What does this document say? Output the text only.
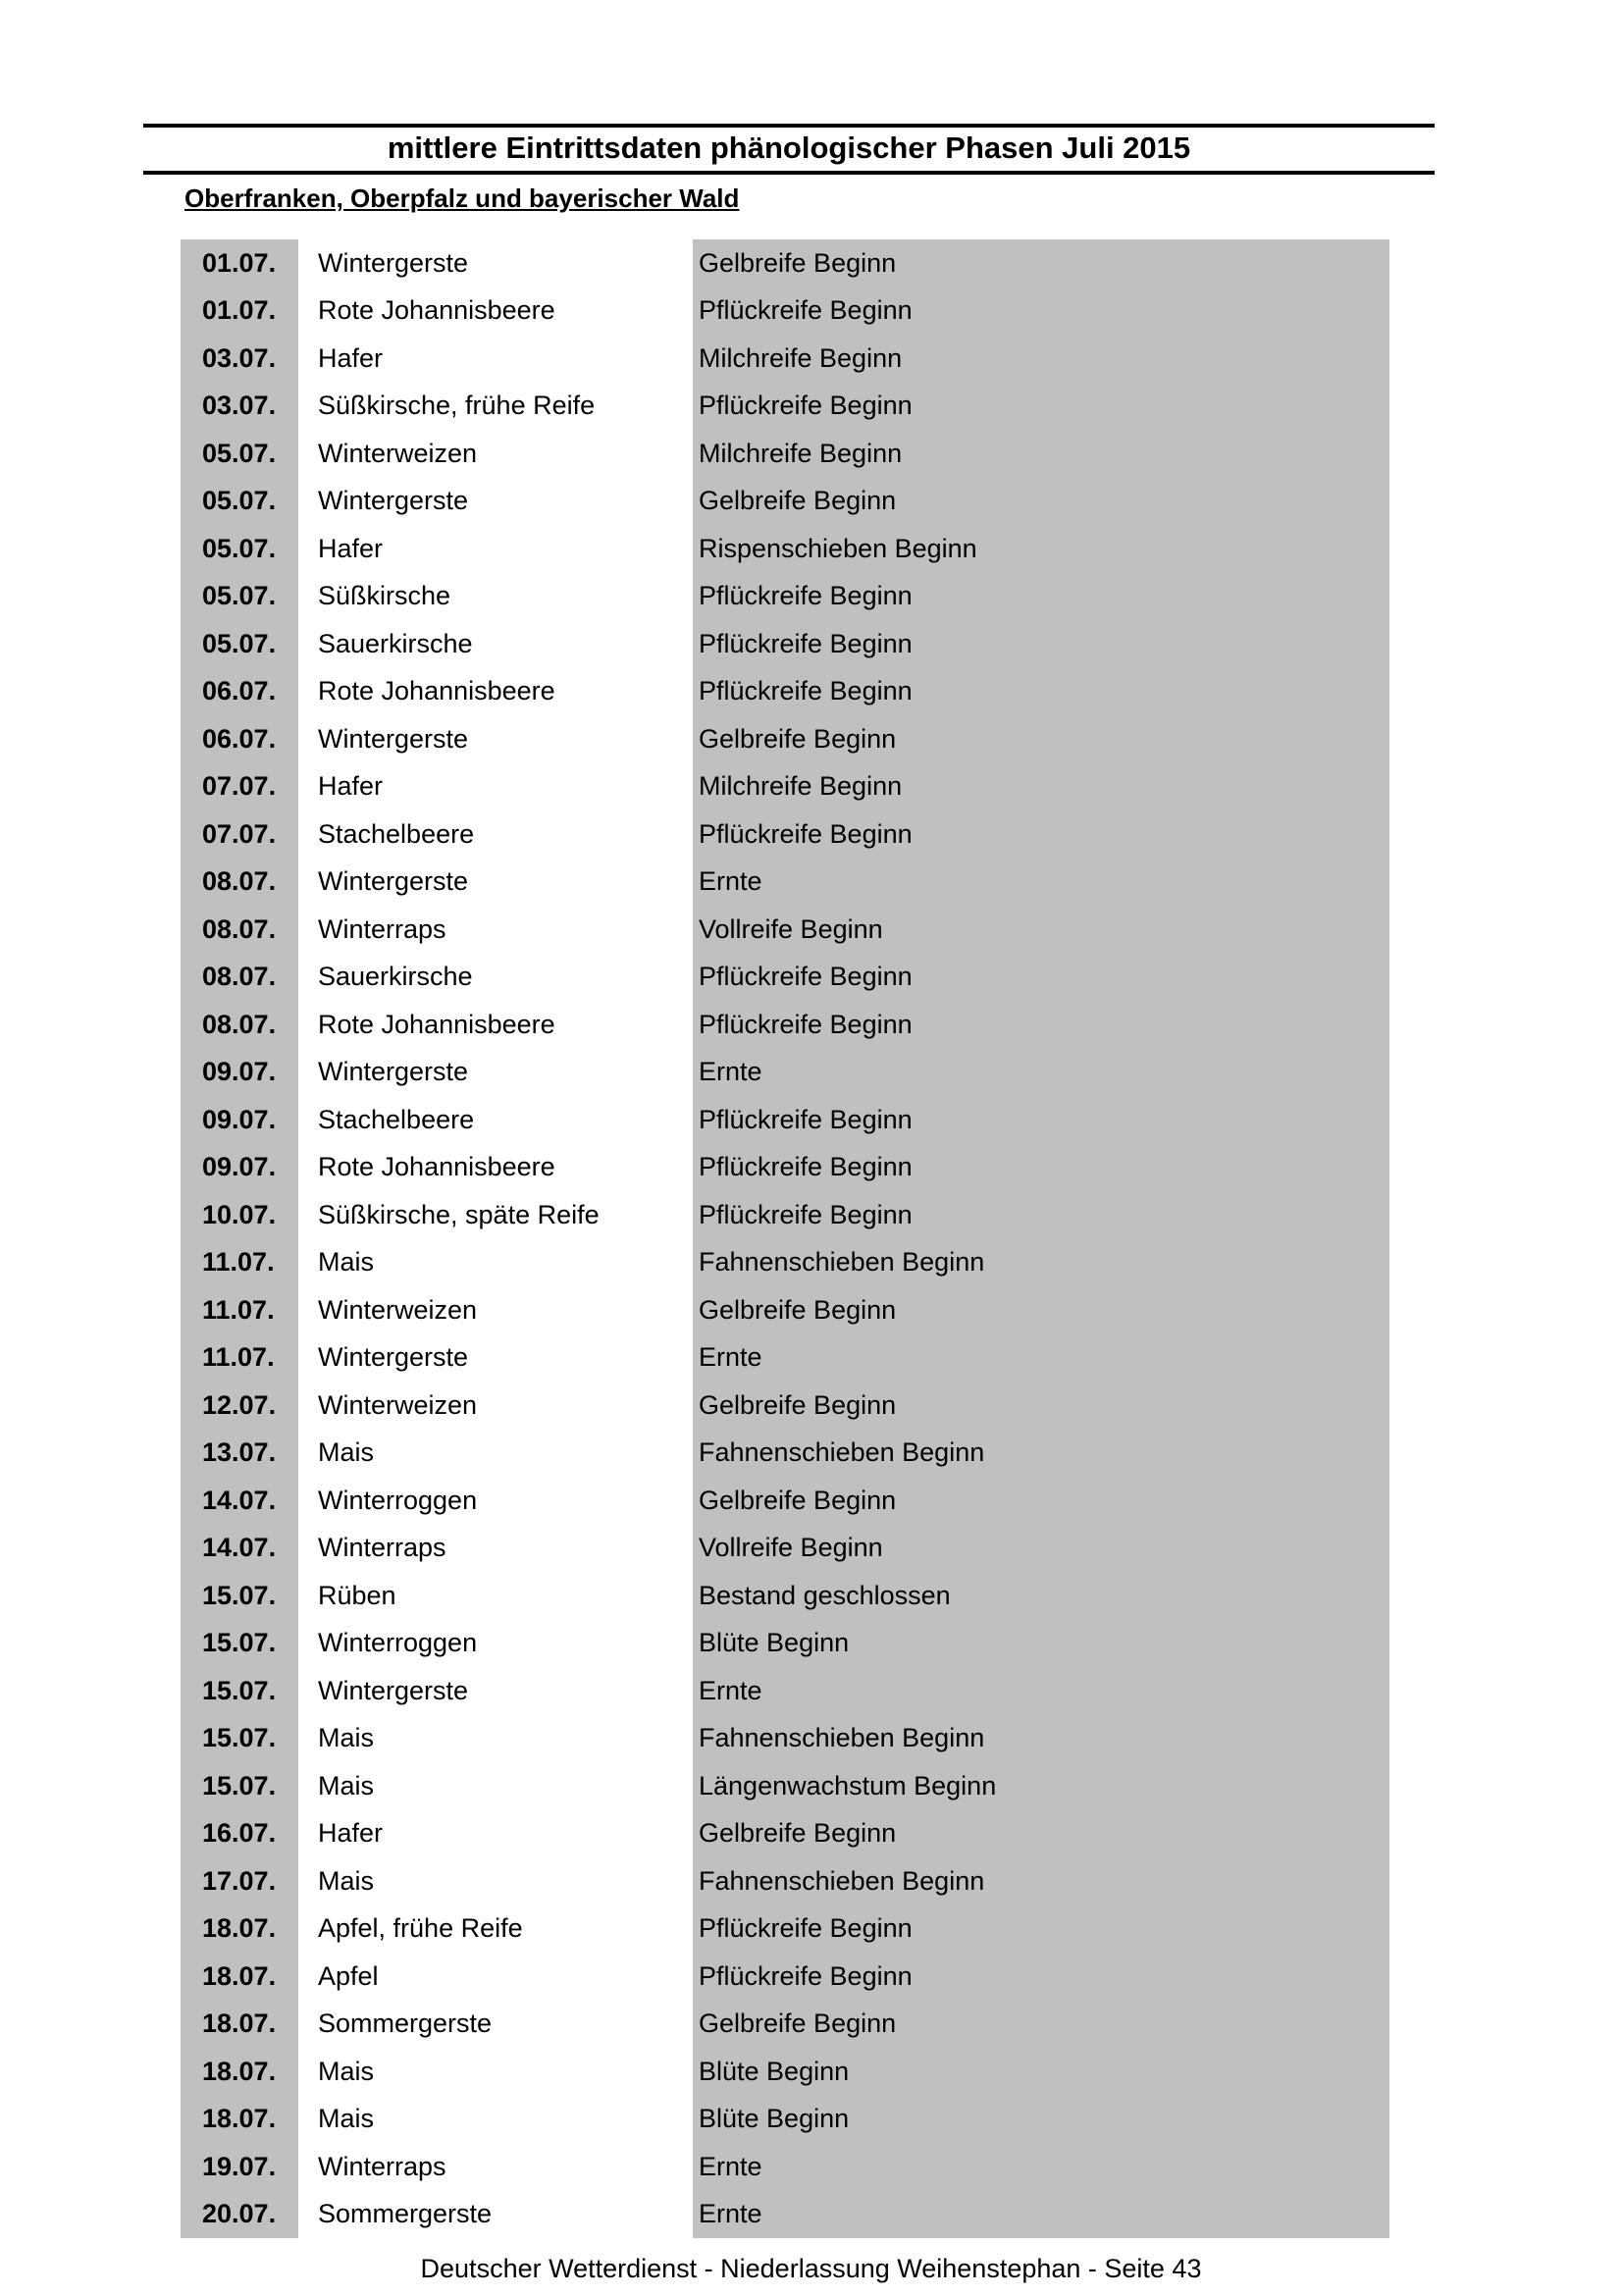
mittlere Eintrittsdaten phänologischer Phasen Juli 2015
Oberfranken, Oberpfalz und bayerischer Wald
01.07.	Wintergerste	Gelbreife Beginn
01.07.	Rote Johannisbeere	Pflückreife Beginn
03.07.	Hafer	Milchreife Beginn
03.07.	Süßkirsche, frühe Reife	Pflückreife Beginn
05.07.	Winterweizen	Milchreife Beginn
05.07.	Wintergerste	Gelbreife Beginn
05.07.	Hafer	Rispenschieben Beginn
05.07.	Süßkirsche	Pflückreife Beginn
05.07.	Sauerkirsche	Pflückreife Beginn
06.07.	Rote Johannisbeere	Pflückreife Beginn
06.07.	Wintergerste	Gelbreife Beginn
07.07.	Hafer	Milchreife Beginn
07.07.	Stachelbeere	Pflückreife Beginn
08.07.	Wintergerste	Ernte
08.07.	Winterraps	Vollreife Beginn
08.07.	Sauerkirsche	Pflückreife Beginn
08.07.	Rote Johannisbeere	Pflückreife Beginn
09.07.	Wintergerste	Ernte
09.07.	Stachelbeere	Pflückreife Beginn
09.07.	Rote Johannisbeere	Pflückreife Beginn
10.07.	Süßkirsche, späte Reife	Pflückreife Beginn
11.07.	Mais	Fahnenschieben Beginn
11.07.	Winterweizen	Gelbreife Beginn
11.07.	Wintergerste	Ernte
12.07.	Winterweizen	Gelbreife Beginn
13.07.	Mais	Fahnenschieben Beginn
14.07.	Winterroggen	Gelbreife Beginn
14.07.	Winterraps	Vollreife Beginn
15.07.	Rüben	Bestand geschlossen
15.07.	Winterroggen	Blüte Beginn
15.07.	Wintergerste	Ernte
15.07.	Mais	Fahnenschieben Beginn
15.07.	Mais	Längenwachstum Beginn
16.07.	Hafer	Gelbreife Beginn
17.07.	Mais	Fahnenschieben Beginn
18.07.	Apfel, frühe Reife	Pflückreife Beginn
18.07.	Apfel	Pflückreife Beginn
18.07.	Sommergerste	Gelbreife Beginn
18.07.	Mais	Blüte Beginn
18.07.	Mais	Blüte Beginn
19.07.	Winterraps	Ernte
20.07.	Sommergerste	Ernte
Deutscher Wetterdienst - Niederlassung Weihenstephan - Seite 43
